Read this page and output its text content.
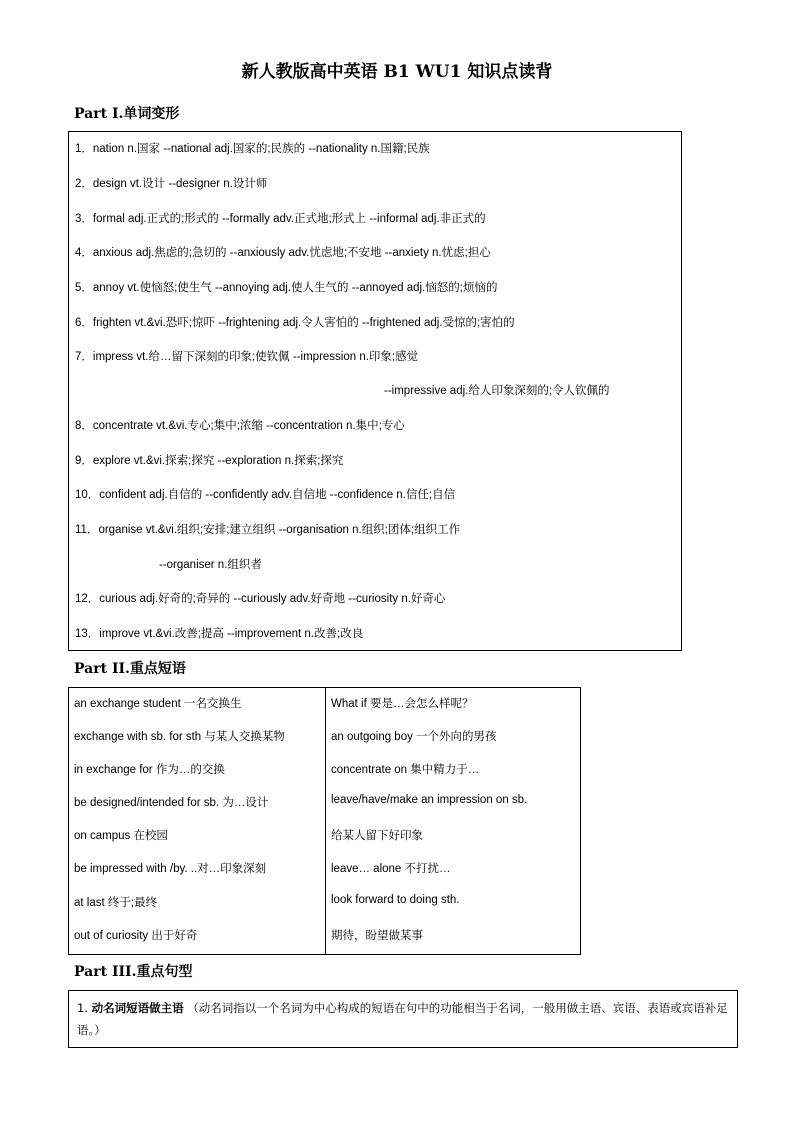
新人教版高中英语 B1 WU1 知识点读背
Part I.单词变形
1．nation n.国家 --national adj.国家的;民族的 --nationality n.国籍;民族
2．design vt.设计 --designer n.设计师
3．formal adj.正式的;形式的 --formally adv.正式地;形式上 --informal adj.非正式的
4．anxious adj.焦虑的;急切的 --anxiously adv.忧虑地;不安地 --anxiety n.忧虑;担心
5．annoy vt.使恼怒;使生气 --annoying adj.使人生气的 --annoyed adj.恼怒的;烦恼的
6．frighten vt.&vi.恐吓;惊吓 --frightening adj.令人害怕的 --frightened adj.受惊的;害怕的
7．impress vt.给…留下深刻的印象;使钦佩 --impression n.印象;感觉
--impressive adj.给人印象深刻的;令人钦佩的
8．concentrate vt.&vi.专心;集中;浓缩 --concentration n.集中;专心
9．explore vt.&vi.探索;探究 --exploration n.探索;探究
10．confident adj.自信的 --confidently adv.自信地 --confidence n.信任;自信
11．organise vt.&vi.组织;安排;建立组织 --organisation n.组织;团体;组织工作
--organiser n.组织者
12．curious adj.好奇的;奇异的 --curiously adv.好奇地 --curiosity n.好奇心
13．improve vt.&vi.改善;提高 --improvement n.改善;改良
Part II.重点短语
an exchange student 一名交换生
exchange with sb. for sth 与某人交换某物
in exchange for 作为…的交换
be designed/intended for sb. 为…设计
on campus 在校园
be impressed with /by. ..对…印象深刻
at last 终于;最终
out of curiosity 出于好奇
What if 要是…会怎么样呢？
an outgoing boy 一个外向的男孩
concentrate on 集中精力于…
leave/have/make an impression on sb.
给某人留下好印象
leave… alone 不打扰…
look forward to doing sth.
期待，盼望做某事
Part III.重点句型
1. 动名词短语做主语 （动名词指以一个名词为中心构成的短语在句中的功能相当于名词，一般用做主语、宾语、表语或宾语补足语。）
